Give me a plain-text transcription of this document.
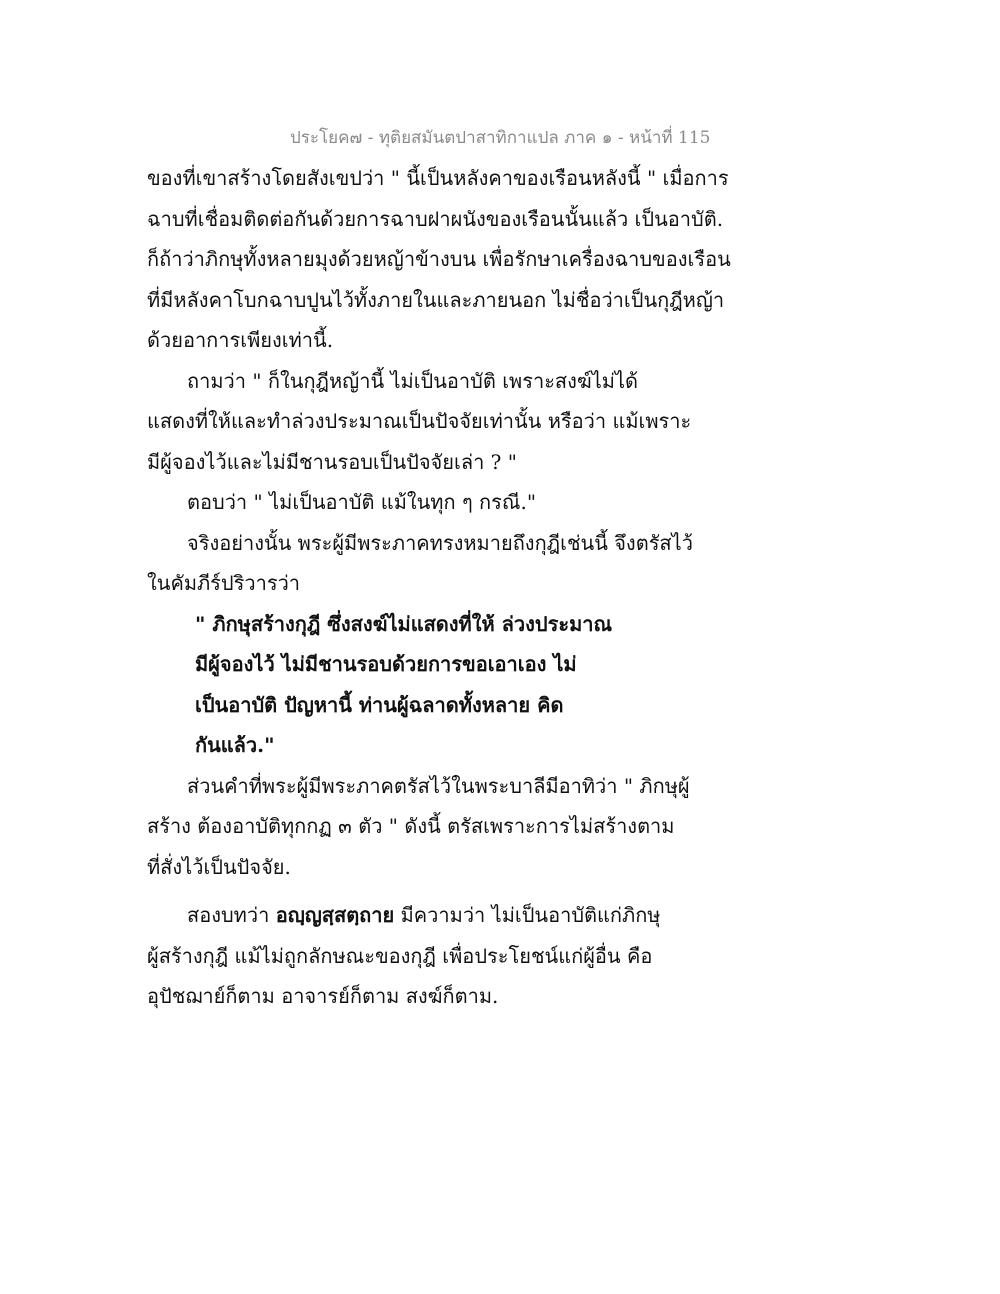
ประโยค๗ - ทุติยสมันตปาสาทิกาแปล ภาค ๑ - หน้าที่ 115
ของที่เขาสร้างโดยสังเขปว่า " นี้เป็นหลังคาของเรือนหลังนี้ " เมื่อการ
ฉาบที่เชื่อมติดต่อกันด้วยการฉาบฝาผนังของเรือนนั้นแล้ว เป็นอาบัติ.
ก็ถ้าว่าภิกษุทั้งหลายมุงด้วยหญ้าข้างบน เพื่อรักษาเครื่องฉาบของเรือน
ที่มีหลังคาโบกฉาบปูนไว้ทั้งภายในและภายนอก ไม่ชื่อว่าเป็นกุฎีหญ้า
ด้วยอาการเพียงเท่านี้.
ถามว่า " ก็ในกุฎีหญ้านี้ ไม่เป็นอาบัติ เพราะสงฆ์ไม่ได้
แสดงที่ให้และทำล่วงประมาณเป็นปัจจัยเท่านั้น หรือว่า แม้เพราะ
มีผู้จองไว้และไม่มีชานรอบเป็นปัจจัยเล่า ? "
ตอบว่า " ไม่เป็นอาบัติ แม้ในทุก ๆ กรณี."
จริงอย่างนั้น พระผู้มีพระภาคทรงหมายถึงกุฎีเช่นนี้ จึงตรัสไว้
ในคัมภีร์ปริวารว่า
" ภิกษุสร้างกุฎี ซึ่งสงฆ์ไม่แสดงที่ให้ ล่วงประมาณ
มีผู้จองไว้ ไม่มีชานรอบด้วยการขอเอาเอง ไม่
เป็นอาบัติ ปัญหานี้ ท่านผู้ฉลาดทั้งหลาย คิด
กันแล้ว."
ส่วนคำที่พระผู้มีพระภาคตรัสไว้ในพระบาลีมีอาทิว่า " ภิกษุผู้
สร้าง ต้องอาบัติทุกกฏ ๓ ตัว " ดังนี้ ตรัสเพราะการไม่สร้างตาม
ที่สั่งไว้เป็นปัจจัย.
สองบทว่า อญฺญสฺสตฺถาย มีความว่า ไม่เป็นอาบัติแก่ภิกษุ
ผู้สร้างกุฎี แม้ไม่ถูกลักษณะของกุฎี เพื่อประโยชน์แก่ผู้อื่น คือ
อุปัชฌาย์ก็ตาม อาจารย์ก็ตาม สงฆ์ก็ตาม.
